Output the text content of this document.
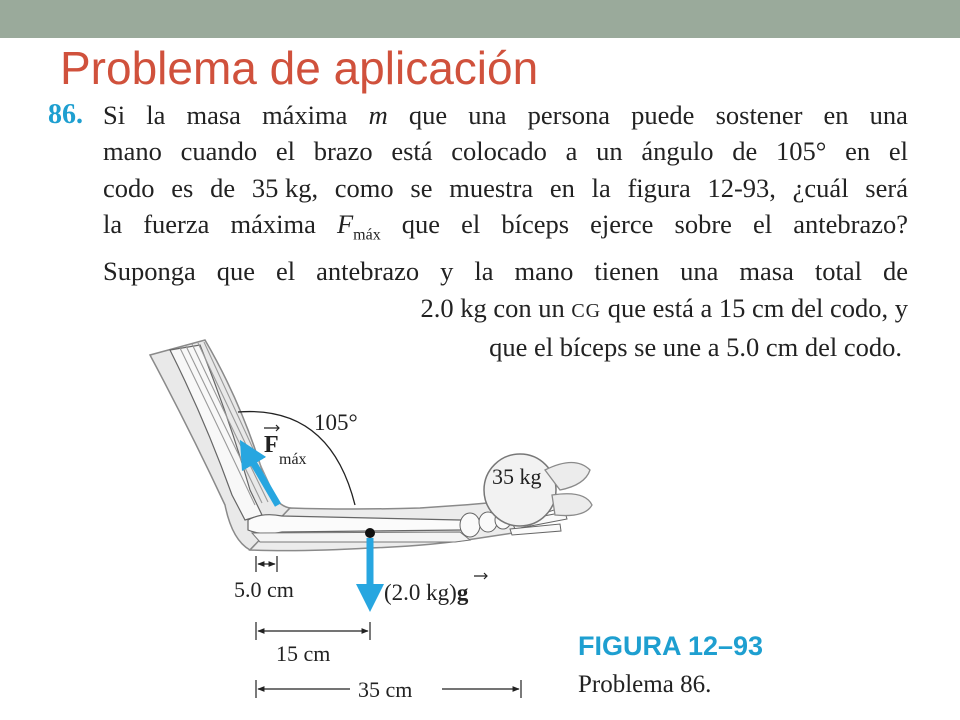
Problema de aplicación
86. Si la masa máxima m que una persona puede sostener en una
mano cuando el brazo está colocado a un ángulo de 105° en el
codo es de 35 kg, como se muestra en la figura 12-93, ¿cuál será
la fuerza máxima $F_{máx}$ que el bíceps ejerce sobre el antebrazo?
Suponga que el antebrazo y la mano tienen una masa total de
2.0 kg con un CG que está a 15 cm del codo, y
que el bíceps se une a 5.0 cm del codo.
105°
35 kg
F
máx
(2.0 kg)g
5.0 cm
15 cm
35 cm
FIGURA 12–93
Problema 86.
